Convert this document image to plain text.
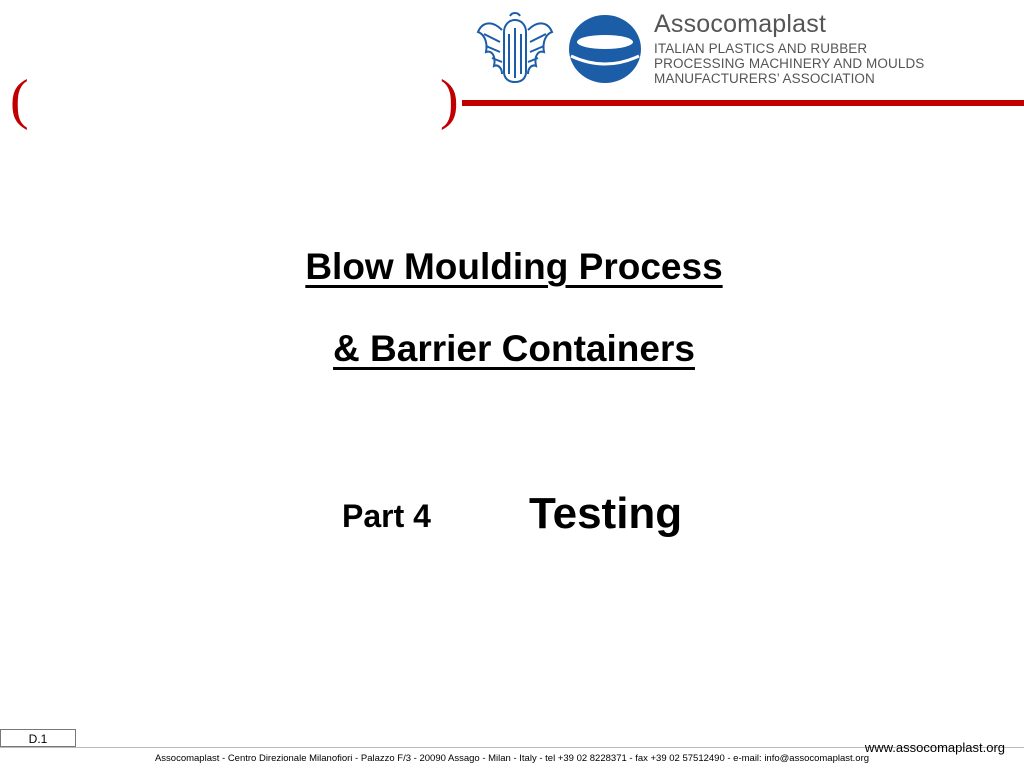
(	)
Assocomaplast
ITALIAN PLASTICS AND RUBBER
PROCESSING MACHINERY AND MOULDS
MANUFACTURERS’ ASSOCIATION
Blow Moulding Process
& Barrier Containers
Part 4 Testing
D.1
www.assocomaplast.org
Assocomaplast - Centro Direzionale Milanofiori - Palazzo F/3 - 20090 Assago - Milan - Italy - tel +39 02 8228371 - fax +39 02 57512490 - e-mail: info@assocomaplast.org
